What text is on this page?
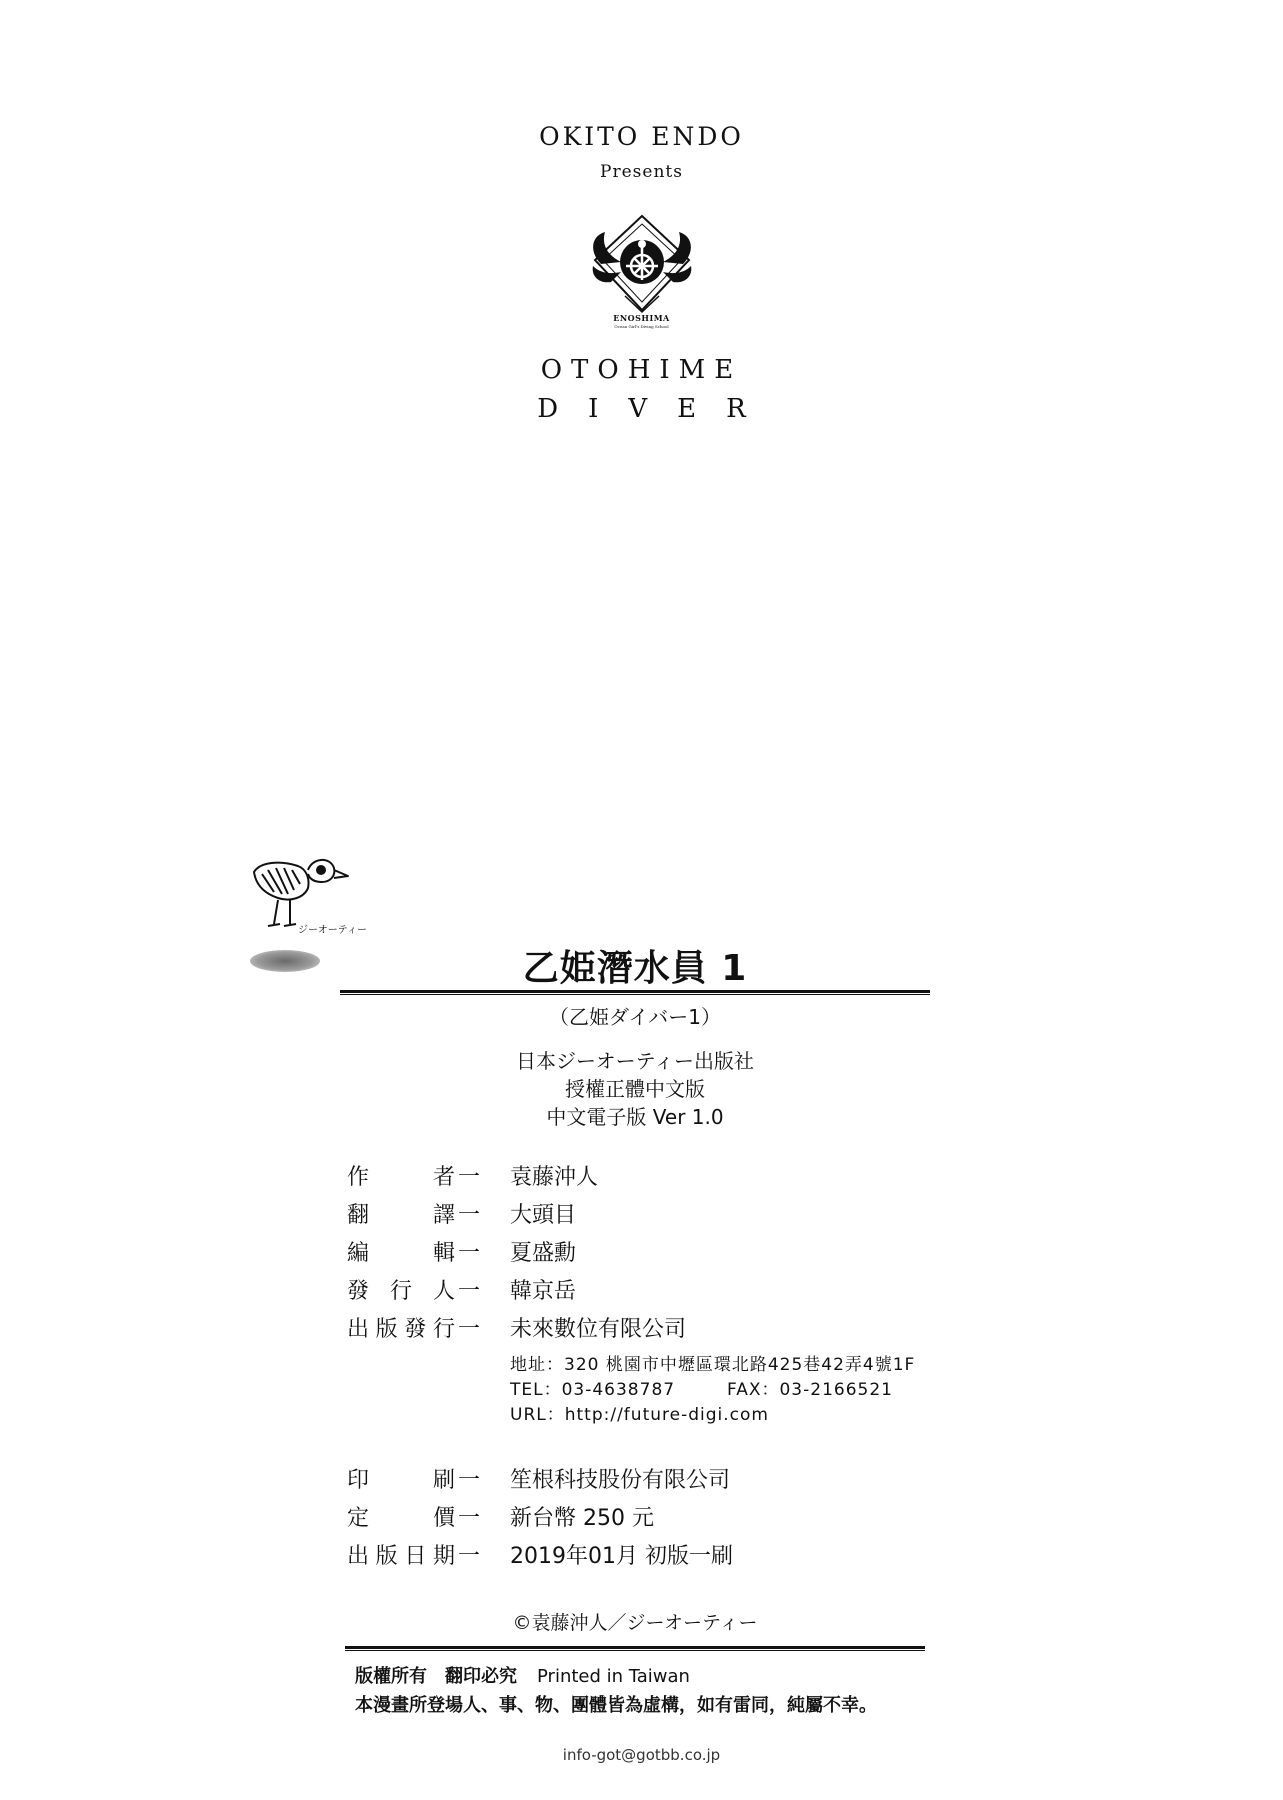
OKITO ENDO
Presents
ENOSHIMA
Ocean Girl's Diving School
OTOHIME
DIVER
ジーオーティー
乙姫潛水員 1
（乙姫ダイバー1）
日本ジーオーティー出版社
授權正體中文版
中文電子版 Ver 1.0
作	者 一 袁藤沖人
翻	譯 一 大頭目
編	輯 一 夏盛勳
發 行 人 一 韓京岳
出 版 發 行 一 未來數位有限公司
地址：320 桃園市中壢區環北路425巷42弄4號1F
TEL：03-4638787	FAX：03-2166521
URL：http://future-digi.com
印	刷 一 笙根科技股份有限公司
定	價 一 新台幣 250 元
出 版 日 期 一 2019年01月 初版一刷
©袁藤沖人／ジーオーティー
版權所有　翻印必究 Printed in Taiwan
本漫畫所登場人、事、物、團體皆為虛構，如有雷同，純屬不幸。
info-got@gotbb.co.jp
